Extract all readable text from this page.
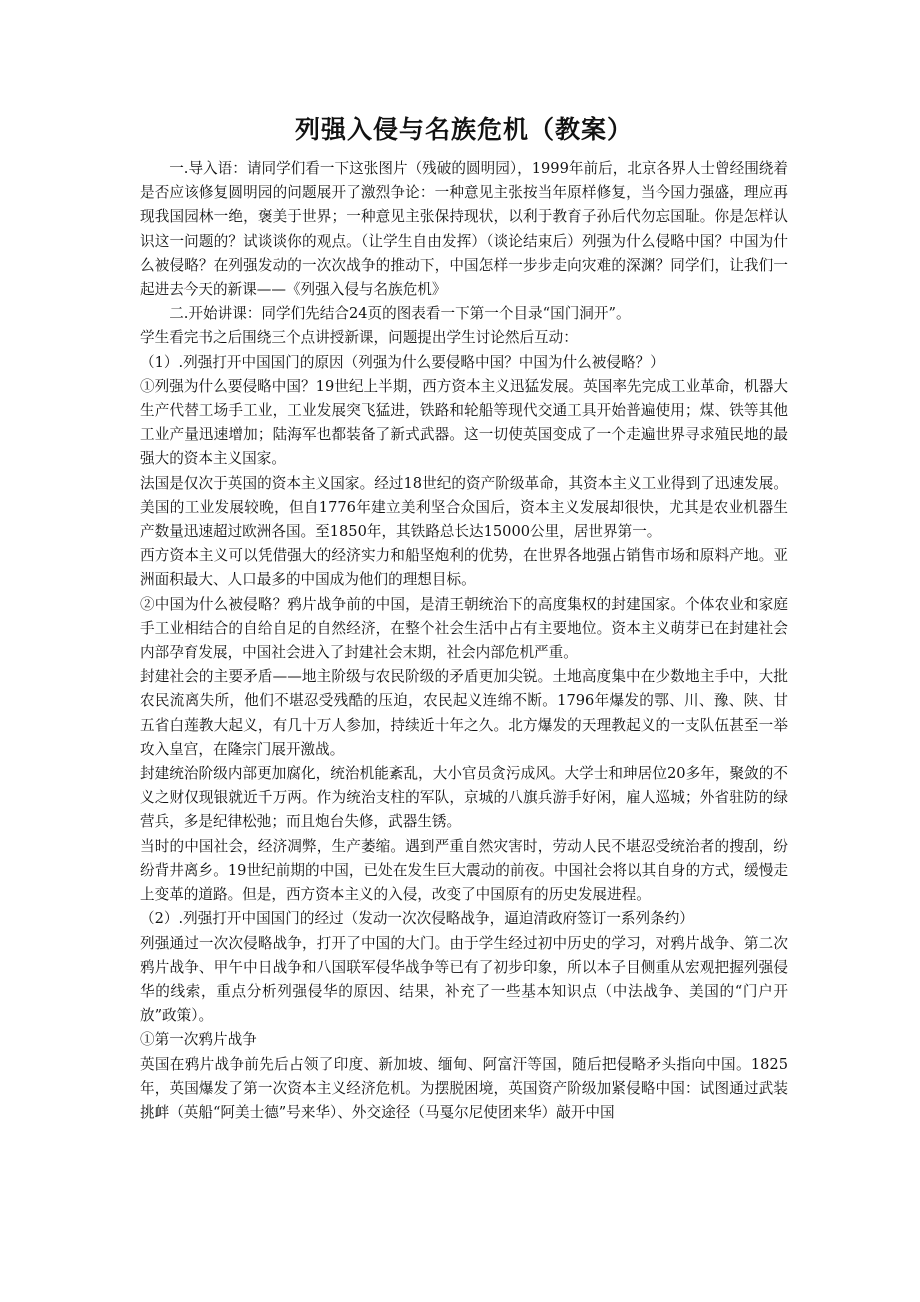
列强入侵与名族危机（教案）

一.导入语：请同学们看一下这张图片（残破的圆明园），1999年前后，北京各界人士曾经围绕着是否应该修复圆明园的问题展开了激烈争论：一种意见主张按当年原样修复，当今国力强盛，理应再现我国园林一绝，褒美于世界；一种意见主张保持现状，以利于教育子孙后代勿忘国耻。你是怎样认识这一问题的？试谈谈你的观点。（让学生自由发挥）（谈论结束后）列强为什么侵略中国？中国为什么被侵略？在列强发动的一次次战争的推动下，中国怎样一步步走向灾难的深渊？同学们，让我们一起进去今天的新课——《列强入侵与名族危机》

二.开始讲课：同学们先结合24页的图表看一下第一个目录“国门洞开”。

学生看完书之后围绕三个点讲授新课，问题提出学生讨论然后互动：

（1）.列强打开中国国门的原因（列强为什么要侵略中国？中国为什么被侵略？）

①列强为什么要侵略中国？19世纪上半期，西方资本主义迅猛发展。英国率先完成工业革命，机器大生产代替工场手工业，工业发展突飞猛进，铁路和轮船等现代交通工具开始普遍使用；煤、铁等其他工业产量迅速增加；陆海军也都装备了新式武器。这一切使英国变成了一个走遍世界寻求殖民地的最强大的资本主义国家。

法国是仅次于英国的资本主义国家。经过18世纪的资产阶级革命，其资本主义工业得到了迅速发展。美国的工业发展较晚，但自1776年建立美利坚合众国后，资本主义发展却很快，尤其是农业机器生产数量迅速超过欧洲各国。至1850年，其铁路总长达15000公里，居世界第一。

西方资本主义可以凭借强大的经济实力和船坚炮利的优势，在世界各地强占销售市场和原料产地。亚洲面积最大、人口最多的中国成为他们的理想目标。

②中国为什么被侵略？鸦片战争前的中国，是清王朝统治下的高度集权的封建国家。个体农业和家庭手工业相结合的自给自足的自然经济，在整个社会生活中占有主要地位。资本主义萌芽已在封建社会内部孕育发展，中国社会进入了封建社会末期，社会内部危机严重。

封建社会的主要矛盾——地主阶级与农民阶级的矛盾更加尖锐。土地高度集中在少数地主手中，大批农民流离失所，他们不堪忍受残酷的压迫，农民起义连绵不断。1796年爆发的鄂、川、豫、陕、甘五省白莲教大起义，有几十万人参加，持续近十年之久。北方爆发的天理教起义的一支队伍甚至一举攻入皇宫，在隆宗门展开激战。

封建统治阶级内部更加腐化，统治机能紊乱，大小官员贪污成风。大学士和珅居位20多年，聚敛的不义之财仅现银就近千万两。作为统治支柱的军队，京城的八旗兵游手好闲，雇人巡城；外省驻防的绿营兵，多是纪律松弛；而且炮台失修，武器生锈。

当时的中国社会，经济凋弊，生产萎缩。遇到严重自然灾害时，劳动人民不堪忍受统治者的搜刮，纷纷背井离乡。19世纪前期的中国，已处在发生巨大震动的前夜。中国社会将以其自身的方式，缓慢走上变革的道路。但是，西方资本主义的入侵，改变了中国原有的历史发展进程。

（2）.列强打开中国国门的经过（发动一次次侵略战争，逼迫清政府签订一系列条约）

列强通过一次次侵略战争，打开了中国的大门。由于学生经过初中历史的学习，对鸦片战争、第二次鸦片战争、甲午中日战争和八国联军侵华战争等已有了初步印象，所以本子目侧重从宏观把握列强侵华的线索，重点分析列强侵华的原因、结果，补充了一些基本知识点（中法战争、美国的“门户开放”政策）。

①第一次鸦片战争

英国在鸦片战争前先后占领了印度、新加坡、缅甸、阿富汗等国，随后把侵略矛头指向中国。1825年，英国爆发了第一次资本主义经济危机。为摆脱困境，英国资产阶级加紧侵略中国：试图通过武装挑衅（英船“阿美士德”号来华）、外交途径（马戛尔尼使团来华）敲开中国
